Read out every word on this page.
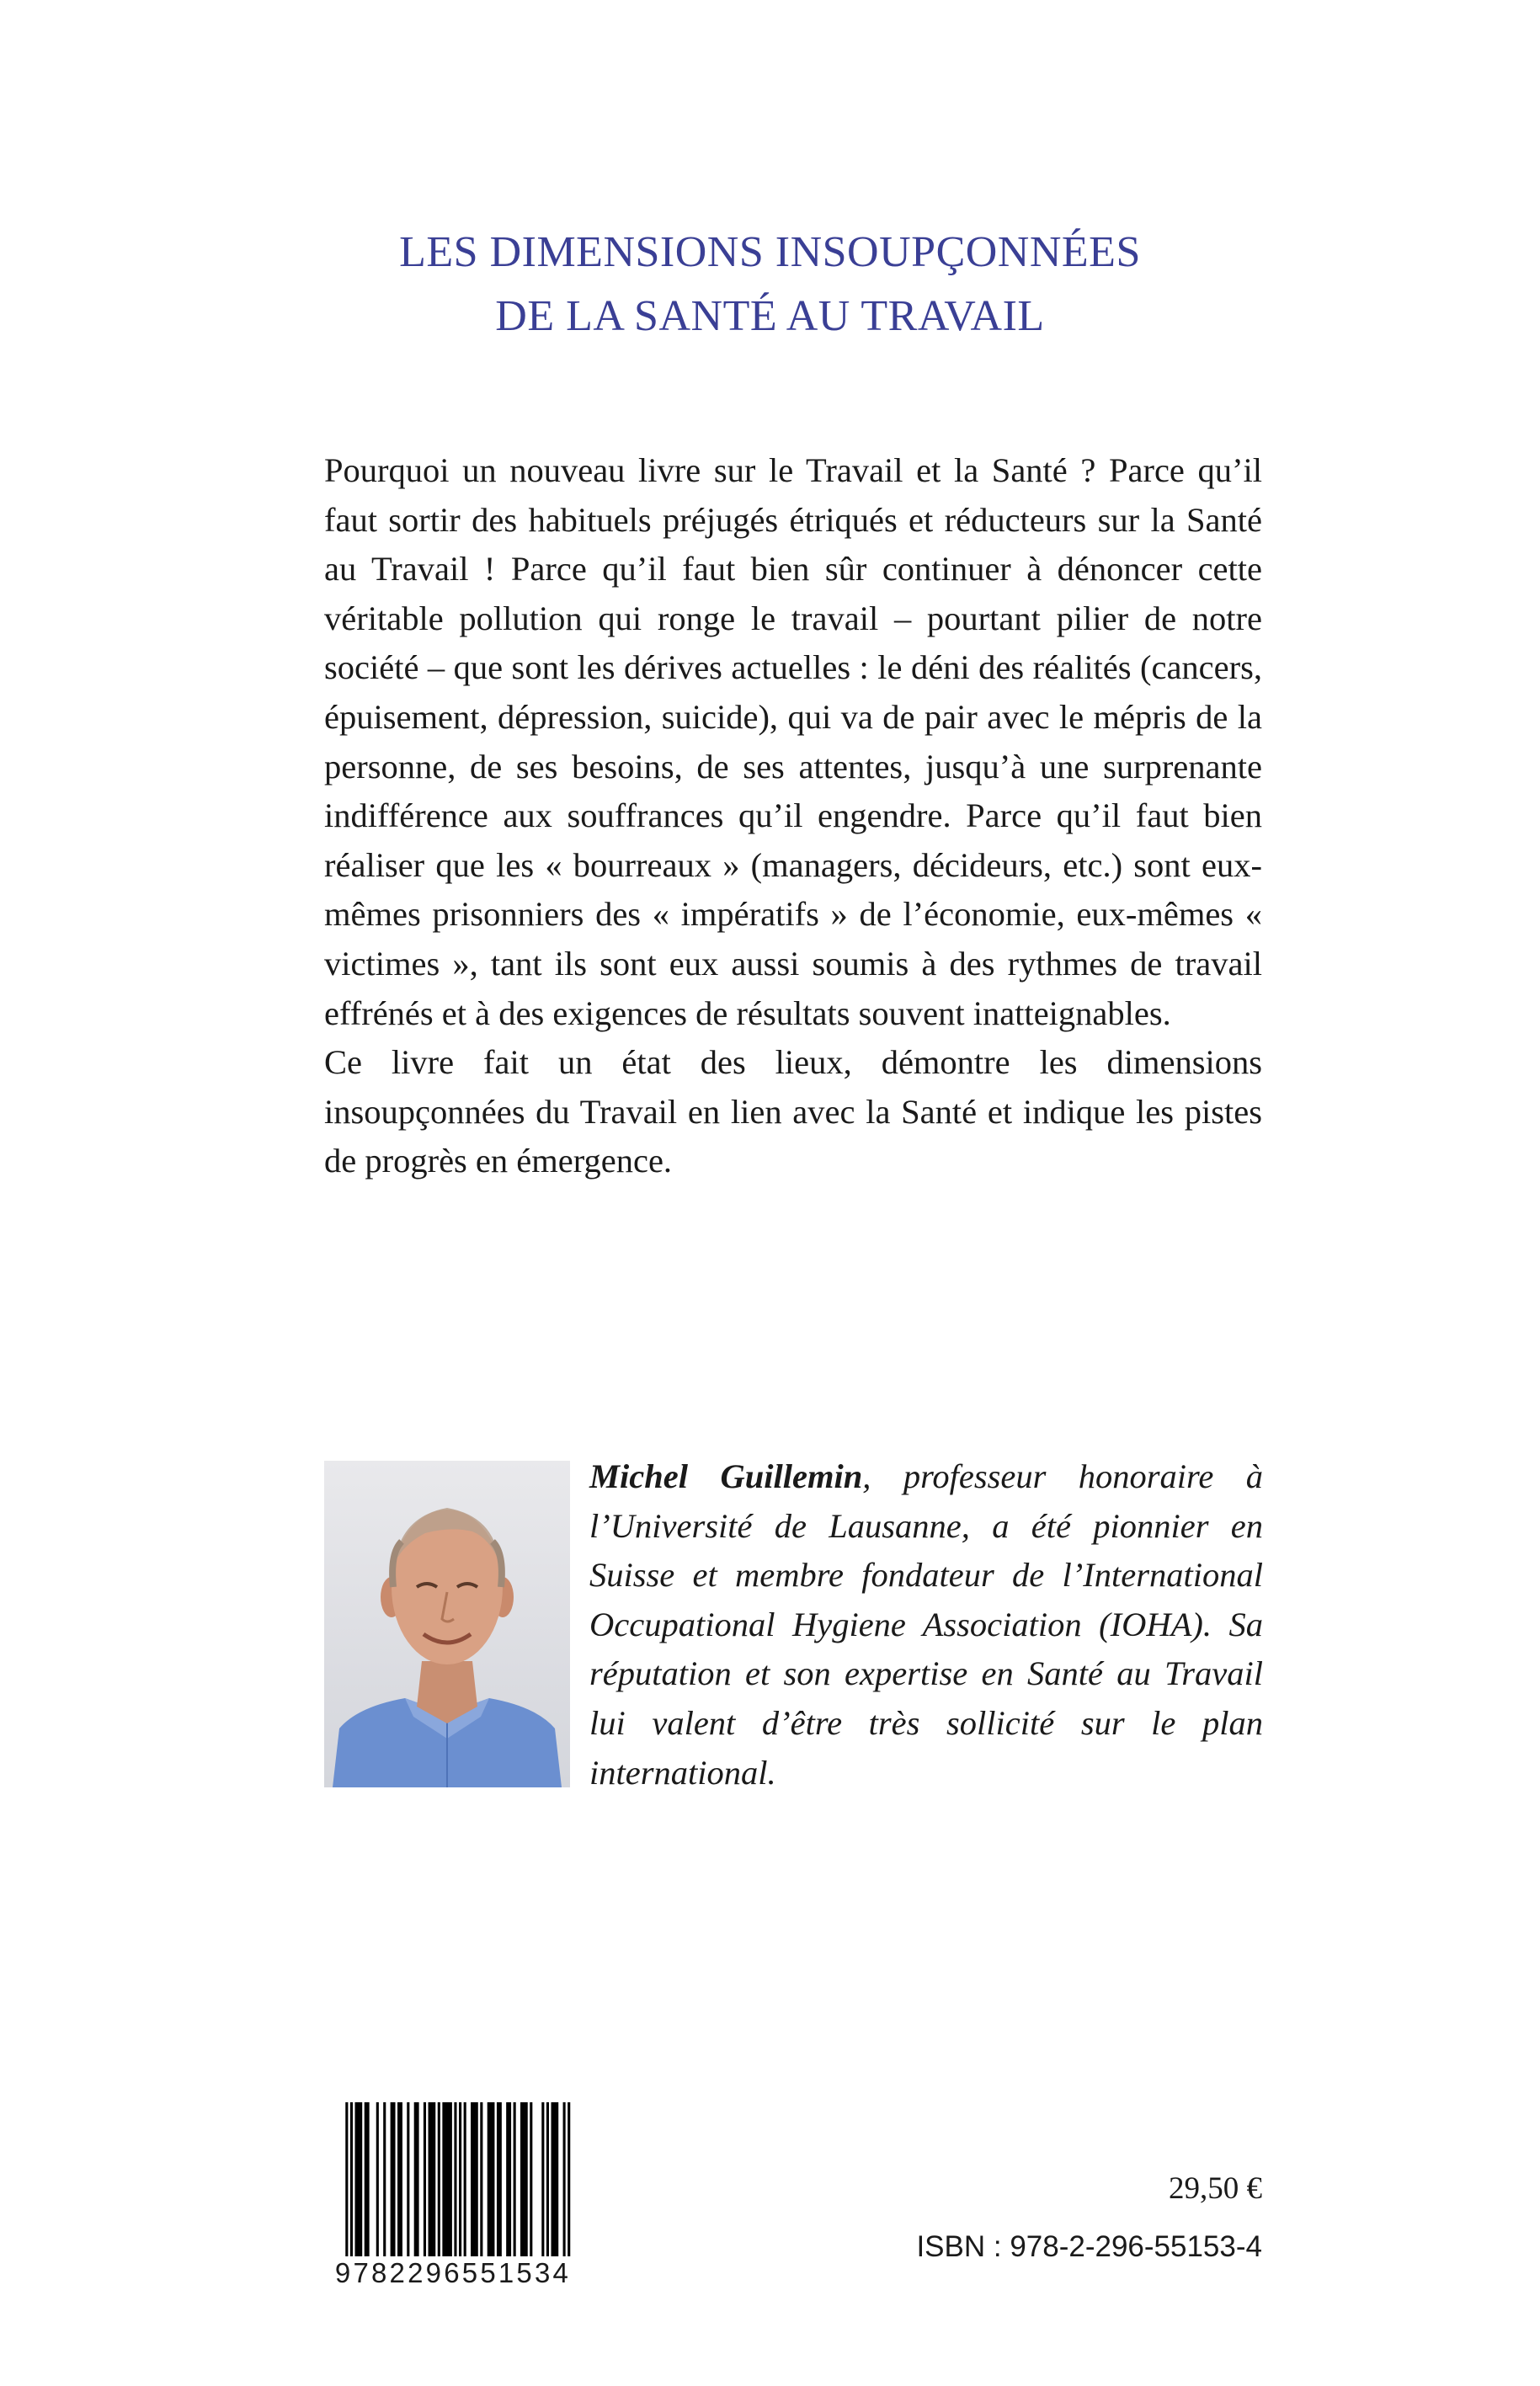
LES DIMENSIONS INSOUPÇONNÉES
DE LA SANTÉ AU TRAVAIL

Pourquoi un nouveau livre sur le Travail et la Santé ? Parce qu’il faut sortir des habituels préjugés étriqués et réducteurs sur la Santé au Travail ! Parce qu’il faut bien sûr continuer à dénoncer cette véritable pollution qui ronge le travail – pourtant pilier de notre société – que sont les dérives actuelles : le déni des réalités (cancers, épuisement, dépression, suicide), qui va de pair avec le mépris de la personne, de ses besoins, de ses attentes, jusqu’à une surprenante indifférence aux souffrances qu’il engendre. Parce qu’il faut bien réaliser que les « bourreaux » (managers, décideurs, etc.) sont eux-mêmes prisonniers des « impératifs » de l’économie, eux-mêmes « victimes », tant ils sont eux aussi soumis à des rythmes de travail effrénés et à des exigences de résultats souvent inatteignables.

Ce livre fait un état des lieux, démontre les dimensions insoupçonnées du Travail en lien avec la Santé et indique les pistes de progrès en émergence.

Michel Guillemin, professeur honoraire à l’Université de Lausanne, a été pionnier en Suisse et membre fondateur de l’International Occupational Hygiene Association (IOHA). Sa réputation et son expertise en Santé au Travail lui valent d’être très sollicité sur le plan international.
9782296551534
29,50 €
ISBN : 978-2-296-55153-4
